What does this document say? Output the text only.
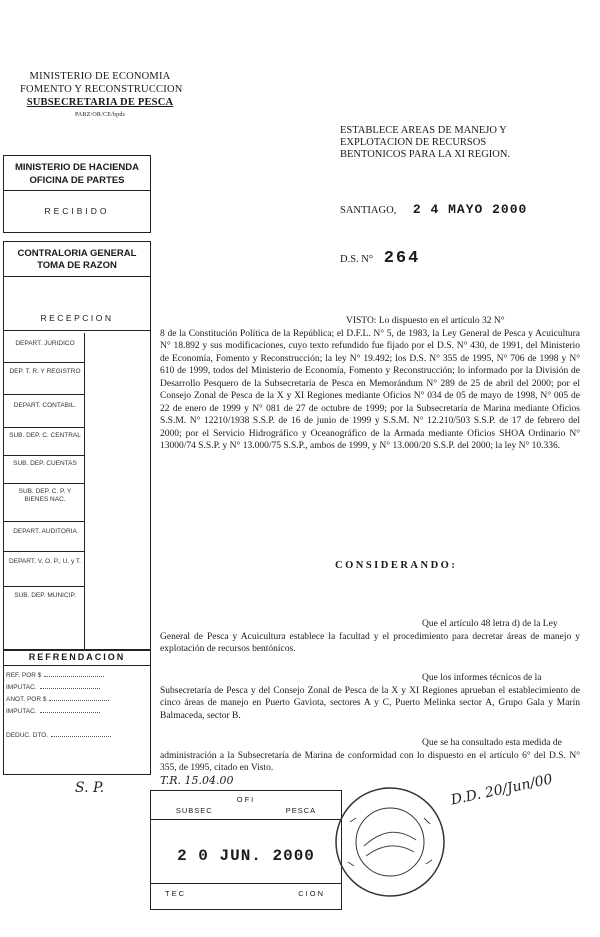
MINISTERIO DE ECONOMIA
FOMENTO Y RECONSTRUCCION
SUBSECRETARIA DE PESCA
PARZ/OR/CE/bpds
ESTABLECE AREAS DE MANEJO Y
EXPLOTACION DE RECURSOS
BENTONICOS PARA LA XI REGION.
SANTIAGO, 2 4 MAYO 2000
D.S. N° 264
MINISTERIO DE HACIENDA
OFICINA DE PARTES
RECIBIDO
CONTRALORIA GENERAL
TOMA DE RAZON
RECEPCION
DEPART. JURIDICO
DEP. T. R. Y REGISTRO
DEPART. CONTABIL.
SUB. DEP. C. CENTRAL
SUB. DEP. CUENTAS
SUB. DEP. C. P. Y BIENES NAC.
DEPART. AUDITORIA
DEPART. V. O. P., U. y T.
SUB. DEP. MUNICIP.
REFRENDACION
REF. POR $
IMPUTAC.
ANOT. POR $
IMPUTAC.
DEDUC. DTO.
VISTO: Lo dispuesto en el artículo 32 N°
8 de la Constitución Política de la República; el D.F.L. N° 5, de 1983, la Ley General de Pesca y Acuicultura N° 18.892 y sus modificaciones, cuyo texto refundido fue fijado por el D.S. N° 430, de 1991, del Ministerio de Economía, Fomento y Reconstrucción; la ley N° 19.492; los D.S. N° 355 de 1995, N° 706 de 1998 y N° 610 de 1999, todos del Ministerio de Economía, Fomento y Reconstrucción; lo informado por la División de Desarrollo Pesquero de la Subsecretaría de Pesca en Memorándum N° 289 de 25 de abril del 2000; por el Consejo Zonal de Pesca de la X y XI Regiones mediante Oficios N° 034 de 05 de mayo de 1998, N° 005 de 22 de enero de 1999 y N° 081 de 27 de octubre de 1999; por la Subsecretaría de Marina mediante Oficios S.S.M. N° 12210/1938 S.S.P. de 16 de junio de 1999 y S.S.M. N° 12.210/503 S.S.P. de 17 de febrero del 2000; por el Servicio Hidrográfico y Oceanográfico de la Armada mediante Oficios SHOA Ordinario N° 13000/74 S.S.P. y N° 13.000/75 S.S.P., ambos de 1999, y N° 13.000/20 S.S.P. del 2000; la ley N° 10.336.
CONSIDERANDO:
Que el artículo 48 letra d) de la Ley
General de Pesca y Acuicultura establece la facultad y el procedimiento para decretar áreas de manejo y explotación de recursos bentónicos.
Que los informes técnicos de la
Subsecretaría de Pesca y del Consejo Zonal de Pesca de la X y XI Regiones aprueban el establecimiento de cinco áreas de manejo en Puerto Gaviota, sectores A y C, Puerto Melinka sector A, Grupo Gala y Marín Balmaceda, sector B.
Que se ha consultado esta medida de
administración a la Subsecretaría de Marina de conformidad con lo dispuesto en el artículo 6° del D.S. N° 355, de 1995, citado en Visto.
S. P.	T.R. 15.04.00	D.D. 20/Jun/00
OFI
SUBSEC	PESCA
2 0 JUN. 2000
TEC	CION
